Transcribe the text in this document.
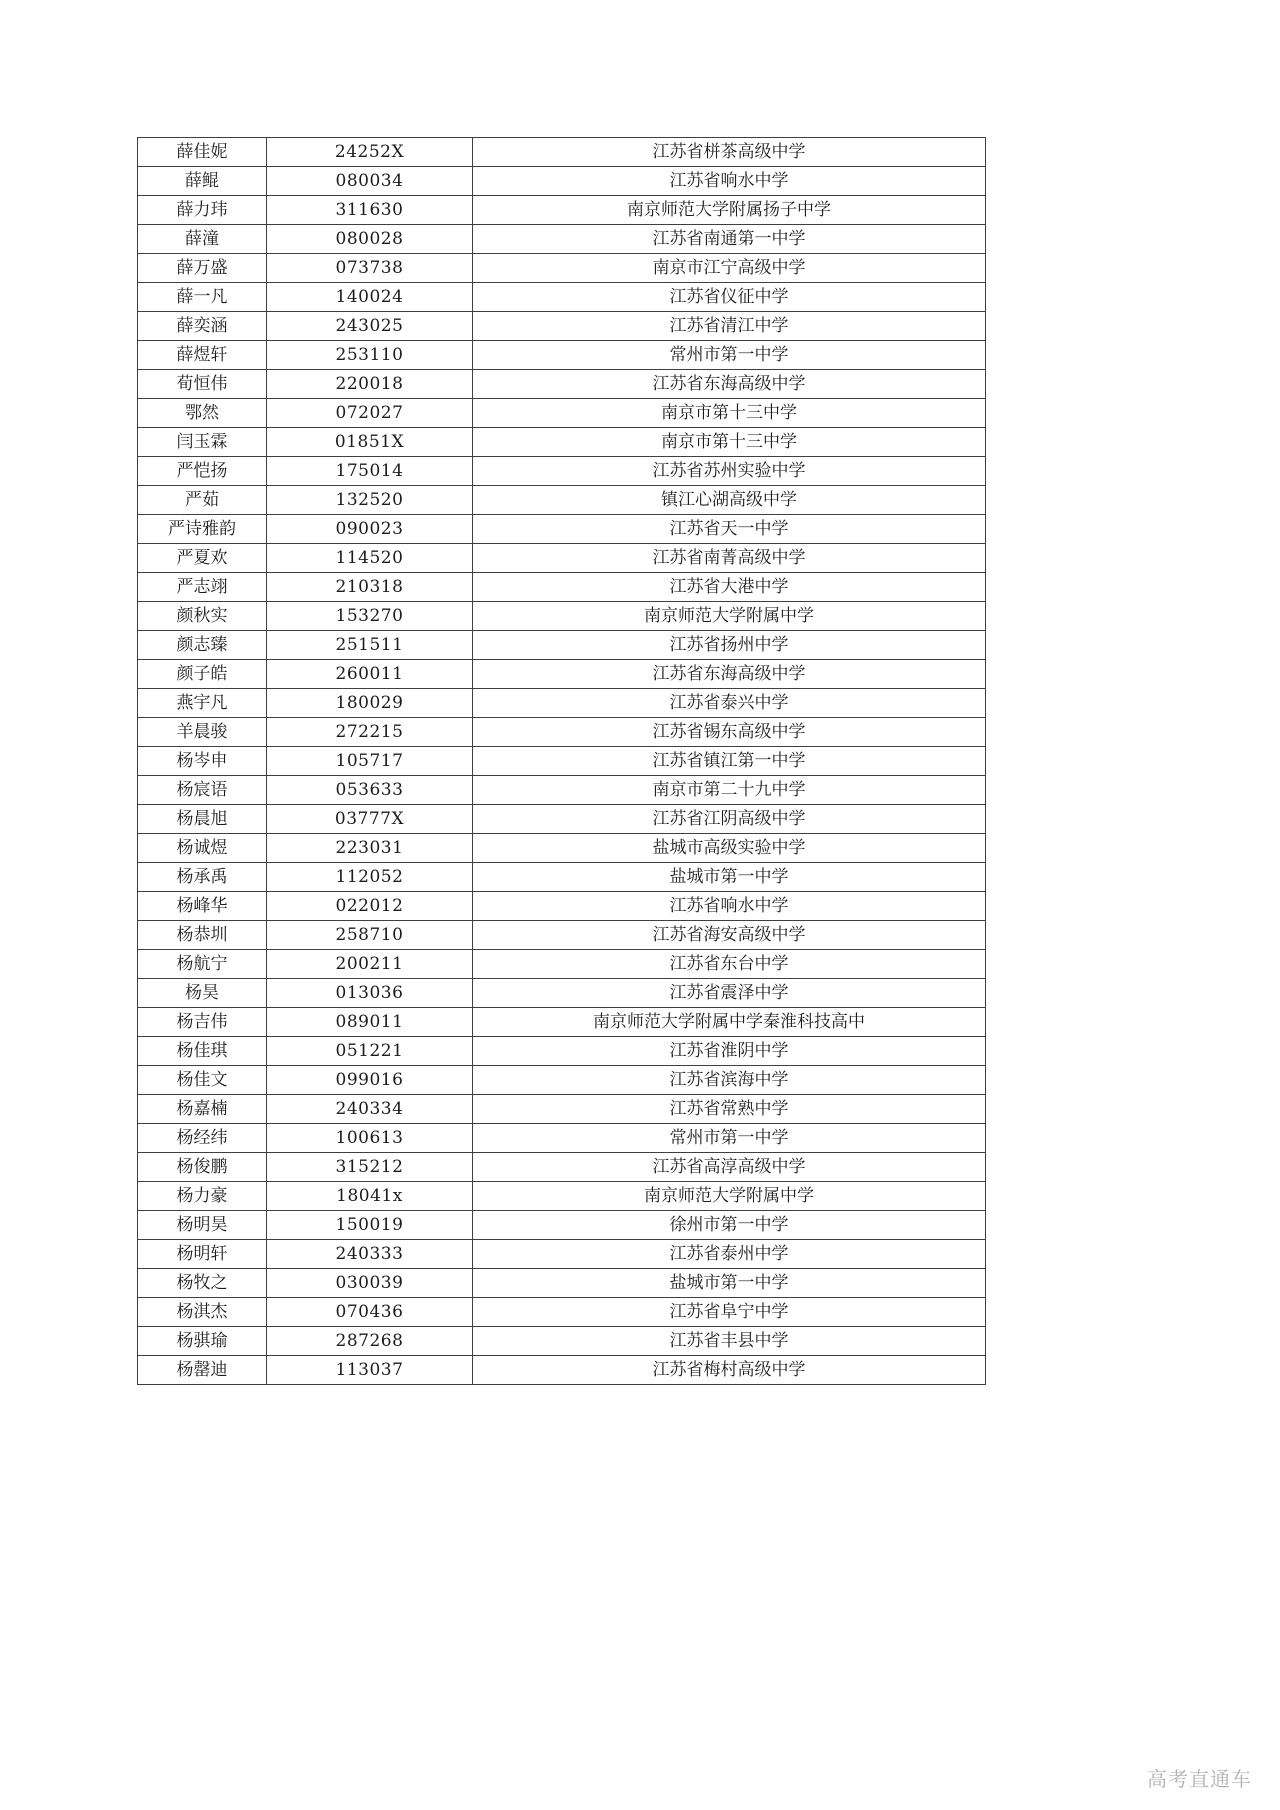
薛佳妮	24252X	江苏省栟茶高级中学
薛鲲	080034	江苏省响水中学
薛力玮	311630	南京师范大学附属扬子中学
薛潼	080028	江苏省南通第一中学
薛万盛	073738	南京市江宁高级中学
薛一凡	140024	江苏省仪征中学
薛奕涵	243025	江苏省清江中学
薛煜轩	253110	常州市第一中学
荀恒伟	220018	江苏省东海高级中学
鄂然	072027	南京市第十三中学
闫玉霖	01851X	南京市第十三中学
严恺扬	175014	江苏省苏州实验中学
严茹	132520	镇江心湖高级中学
严诗雅韵	090023	江苏省天一中学
严夏欢	114520	江苏省南菁高级中学
严志翊	210318	江苏省大港中学
颜秋实	153270	南京师范大学附属中学
颜志臻	251511	江苏省扬州中学
颜子皓	260011	江苏省东海高级中学
燕宇凡	180029	江苏省泰兴中学
羊晨骏	272215	江苏省锡东高级中学
杨岑申	105717	江苏省镇江第一中学
杨宸语	053633	南京市第二十九中学
杨晨旭	03777X	江苏省江阴高级中学
杨诚煜	223031	盐城市高级实验中学
杨承禹	112052	盐城市第一中学
杨峰华	022012	江苏省响水中学
杨恭圳	258710	江苏省海安高级中学
杨航宁	200211	江苏省东台中学
杨昊	013036	江苏省震泽中学
杨吉伟	089011	南京师范大学附属中学秦淮科技高中
杨佳琪	051221	江苏省淮阴中学
杨佳文	099016	江苏省滨海中学
杨嘉楠	240334	江苏省常熟中学
杨经纬	100613	常州市第一中学
杨俊鹏	315212	江苏省高淳高级中学
杨力豪	18041x	南京师范大学附属中学
杨明昊	150019	徐州市第一中学
杨明轩	240333	江苏省泰州中学
杨牧之	030039	盐城市第一中学
杨淇杰	070436	江苏省阜宁中学
杨骐瑜	287268	江苏省丰县中学
杨罄迪	113037	江苏省梅村高级中学
高考直通车
